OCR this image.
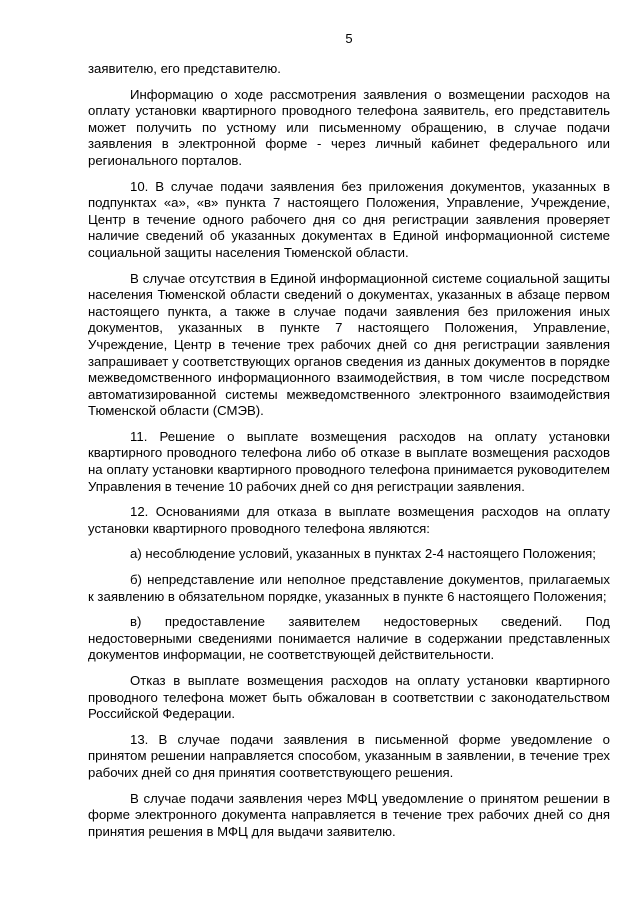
5

заявителю, его представителю.

Информацию о ходе рассмотрения заявления о возмещении расходов на оплату установки квартирного проводного телефона заявитель, его представитель может получить по устному или письменному обращению, в случае подачи заявления в электронной форме - через личный кабинет федерального или регионального порталов.

10. В случае подачи заявления без приложения документов, указанных в подпунктах «а», «в» пункта 7 настоящего Положения, Управление, Учреждение, Центр в течение одного рабочего дня со дня регистрации заявления проверяет наличие сведений об указанных документах в Единой информационной системе социальной защиты населения Тюменской области.

В случае отсутствия в Единой информационной системе социальной защиты населения Тюменской области сведений о документах, указанных в абзаце первом настоящего пункта, а также в случае подачи заявления без приложения иных документов, указанных в пункте 7 настоящего Положения, Управление, Учреждение, Центр в течение трех рабочих дней со дня регистрации заявления запрашивает у соответствующих органов сведения из данных документов в порядке межведомственного информационного взаимодействия, в том числе посредством автоматизированной системы межведомственного электронного взаимодействия Тюменской области (СМЭВ).

11. Решение о выплате возмещения расходов на оплату установки квартирного проводного телефона либо об отказе в выплате возмещения расходов на оплату установки квартирного проводного телефона принимается руководителем Управления в течение 10 рабочих дней со дня регистрации заявления.

12. Основаниями для отказа в выплате возмещения расходов на оплату установки квартирного проводного телефона являются:

а) несоблюдение условий, указанных в пунктах 2-4 настоящего Положения;

б) непредставление или неполное представление документов, прилагаемых к заявлению в обязательном порядке, указанных в пункте 6 настоящего Положения;

в) предоставление заявителем недостоверных сведений. Под недостоверными сведениями понимается наличие в содержании представленных документов информации, не соответствующей действительности.

Отказ в выплате возмещения расходов на оплату установки квартирного проводного телефона может быть обжалован в соответствии с законодательством Российской Федерации.

13. В случае подачи заявления в письменной форме уведомление о принятом решении направляется способом, указанным в заявлении, в течение трех рабочих дней со дня принятия соответствующего решения.

В случае подачи заявления через МФЦ уведомление о принятом решении в форме электронного документа направляется в течение трех рабочих дней со дня принятия решения в МФЦ для выдачи заявителю.
